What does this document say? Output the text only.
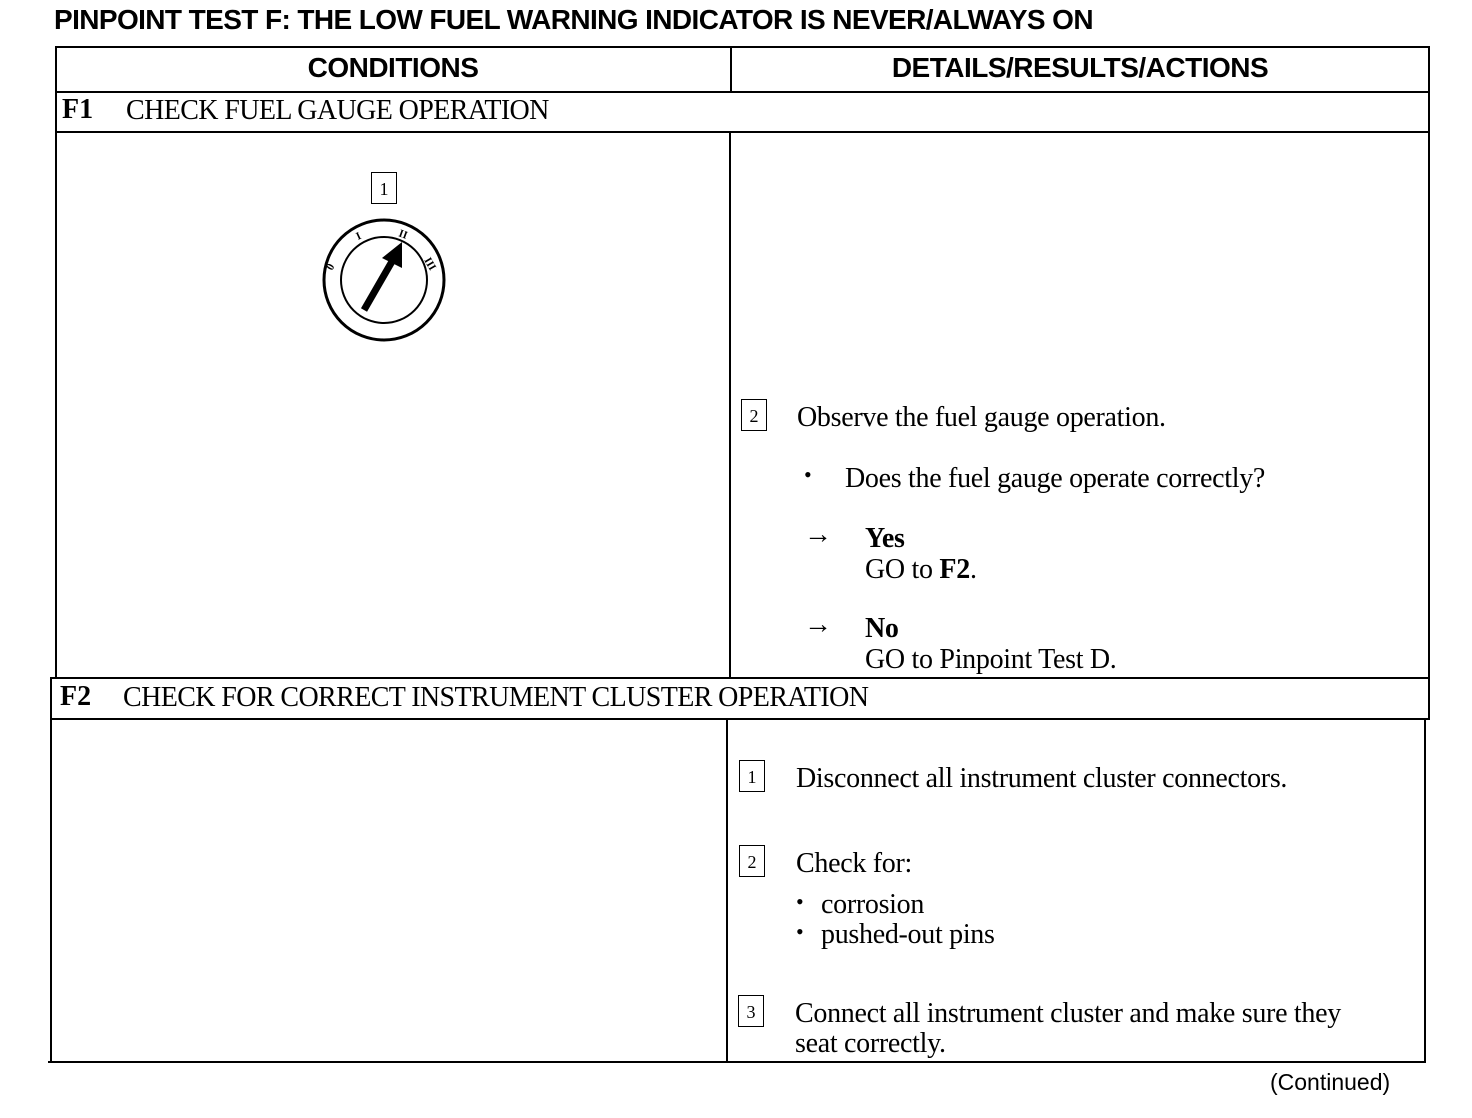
PINPOINT TEST F: THE LOW FUEL WARNING INDICATOR IS NEVER/ALWAYS ON
CONDITIONS	DETAILS/RESULTS/ACTIONS
F1 CHECK FUEL GAUGE OPERATION
1
0
I	II
III
2	Observe the fuel gauge operation.
• Does the fuel gauge operate correctly?
→ Yes
GO to F2.
→ No
GO to Pinpoint Test D.
F2 CHECK FOR CORRECT INSTRUMENT CLUSTER OPERATION
1	Disconnect all instrument cluster connectors.
2	Check for:
• corrosion
• pushed-out pins
3	Connect all instrument cluster and make sure they
seat correctly.
(Continued)
